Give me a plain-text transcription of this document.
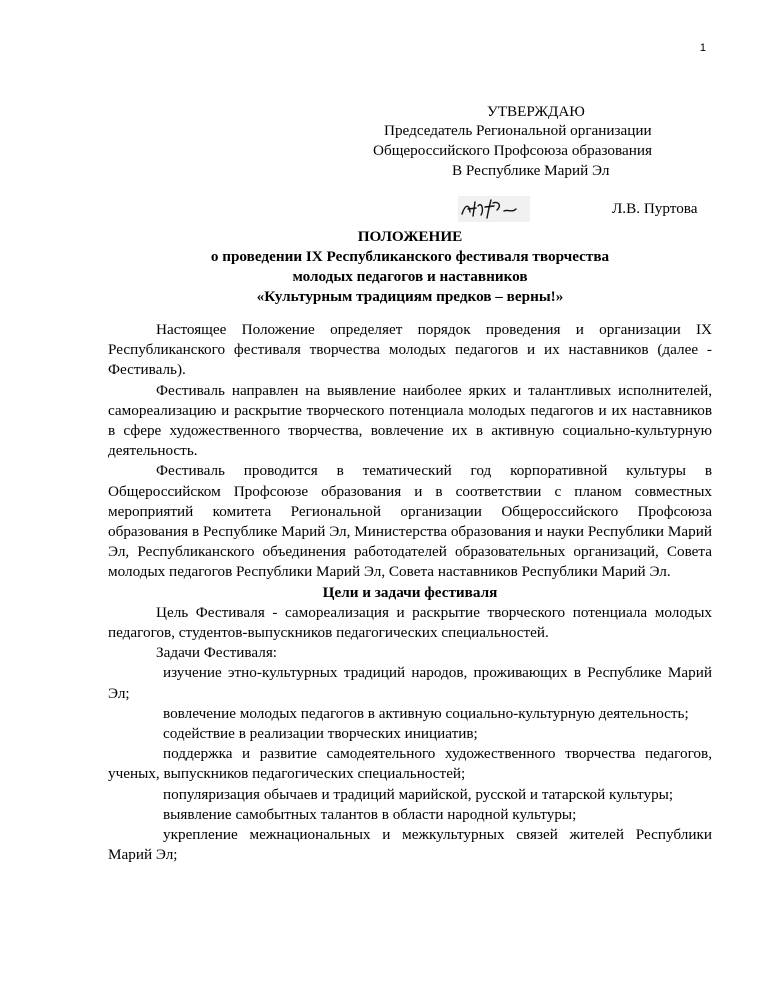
1
УТВЕРЖДАЮ
Председатель Региональной организации
Общероссийского Профсоюза образования
В Республике Марий Эл
Л.В. Пуртова
ПОЛОЖЕНИЕ
о проведении IX Республиканского фестиваля творчества
молодых педагогов и наставников
«Культурным традициям предков – верны!»

Настоящее Положение определяет порядок проведения и организации IX Республиканского фестиваля творчества молодых педагогов и их наставников (далее - Фестиваль).

Фестиваль направлен на выявление наиболее ярких и талантливых исполнителей, самореализацию и раскрытие творческого потенциала молодых педагогов и их наставников в сфере художественного творчества, вовлечение их в активную социально-культурную деятельность.

Фестиваль проводится в тематический год корпоративной культуры в Общероссийском Профсоюзе образования и в соответствии с планом совместных мероприятий комитета Региональной организации Общероссийского Профсоюза образования в Республике Марий Эл, Министерства образования и науки Республики Марий Эл, Республиканского объединения работодателей образовательных организаций, Совета молодых педагогов Республики Марий Эл, Совета наставников Республики Марий Эл.

Цели и задачи фестиваля

Цель Фестиваля - самореализация и раскрытие творческого потенциала молодых педагогов, студентов-выпускников педагогических специальностей.

Задачи Фестиваля:

изучение этно-культурных традиций народов, проживающих в Республике Марий Эл;

вовлечение молодых педагогов в активную социально-культурную деятельность;

содействие в реализации творческих инициатив;

поддержка и развитие самодеятельного художественного творчества педагогов, ученых, выпускников педагогических специальностей;

популяризация обычаев и традиций марийской, русской и татарской культуры;

выявление самобытных талантов в области народной культуры;

укрепление межнациональных и межкультурных связей жителей Республики Марий Эл;
